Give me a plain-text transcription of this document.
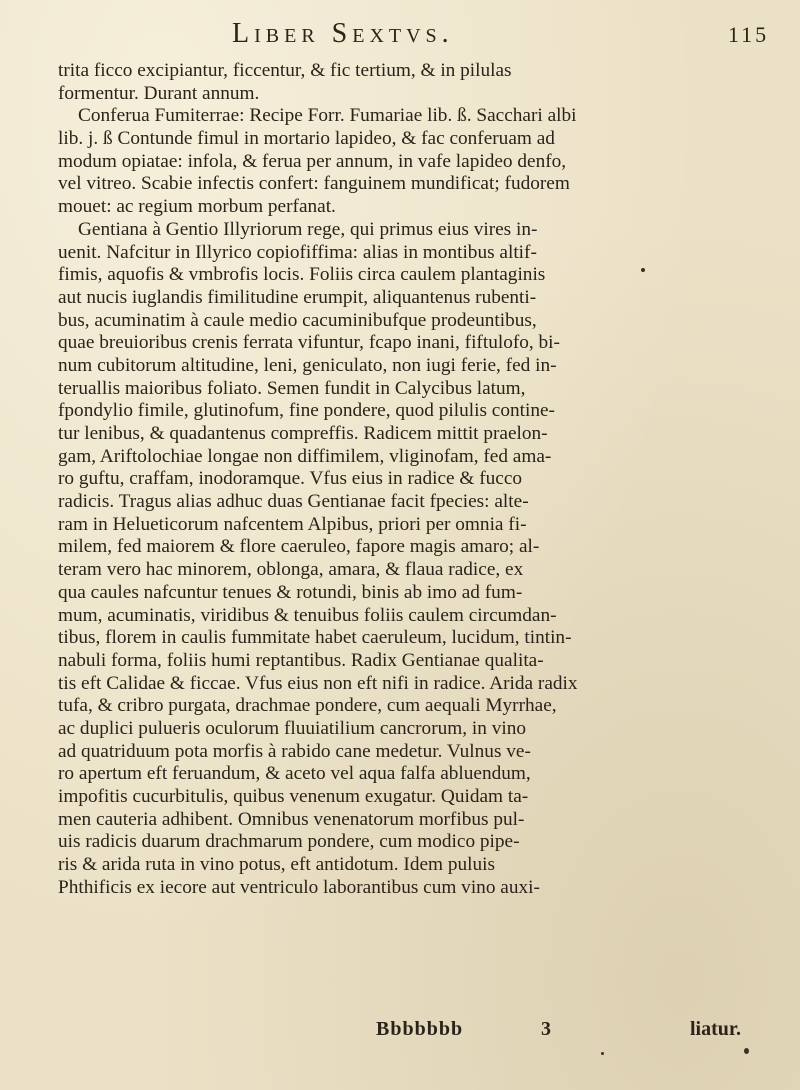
Liber Sextvs.	115
trita ficco excipiantur, ficcentur, & fic tertium, & in pilulas
formentur. Durant annum.
Conferua Fumiterrae: Recipe Forr. Fumariae lib. ß. Sacchari albi
lib. j. ß Contunde fimul in mortario lapideo, & fac conferuam ad
modum opiatae: infola, & ferua per annum, in vafe lapideo denfo,
vel vitreo. Scabie infectis confert: fanguinem mundificat; fudorem
mouet: ac regium morbum perfanat.
Gentiana à Gentio Illyriorum rege, qui primus eius vires in-
uenit. Nafcitur in Illyrico copiofiffima: alias in montibus altif-
fimis, aquofis & vmbrofis locis. Foliis circa caulem plantaginis
aut nucis iuglandis fimilitudine erumpit, aliquantenus rubenti-
bus, acuminatim à caule medio cacuminibufque prodeuntibus,
quae breuioribus crenis ferrata vifuntur, fcapo inani, fiftulofo, bi-
num cubitorum altitudine, leni, geniculato, non iugi ferie, fed in-
teruallis maioribus foliato. Semen fundit in Calycibus latum,
fpondylio fimile, glutinofum, fine pondere, quod pilulis contine-
tur lenibus, & quadantenus compreffis. Radicem mittit praelon-
gam, Ariftolochiae longae non diffimilem, vliginofam, fed ama-
ro guftu, craffam, inodoramque. Vfus eius in radice & fucco
radicis. Tragus alias adhuc duas Gentianae facit fpecies: alte-
ram in Helueticorum nafcentem Alpibus, priori per omnia fi-
milem, fed maiorem & flore caeruleo, fapore magis amaro; al-
teram vero hac minorem, oblonga, amara, & flaua radice, ex
qua caules nafcuntur tenues & rotundi, binis ab imo ad fum-
mum, acuminatis, viridibus & tenuibus foliis caulem circumdan-
tibus, florem in caulis fummitate habet caeruleum, lucidum, tintin-
nabuli forma, foliis humi reptantibus. Radix Gentianae qualita-
tis eft Calidae & ficcae. Vfus eius non eft nifi in radice. Arida radix
tufa, & cribro purgata, drachmae pondere, cum aequali Myrrhae,
ac duplici pulueris oculorum fluuiatilium cancrorum, in vino
ad quatriduum pota morfis à rabido cane medetur. Vulnus ve-
ro apertum eft feruandum, & aceto vel aqua falfa abluendum,
impofitis cucurbitulis, quibus venenum exugatur. Quidam ta-
men cauteria adhibent. Omnibus venenatorum morfibus pul-
uis radicis duarum drachmarum pondere, cum modico pipe-
ris & arida ruta in vino potus, eft antidotum. Idem puluis
Phthificis ex iecore aut ventriculo laborantibus cum vino auxi-
Bbbbbbb	3	liatur.
